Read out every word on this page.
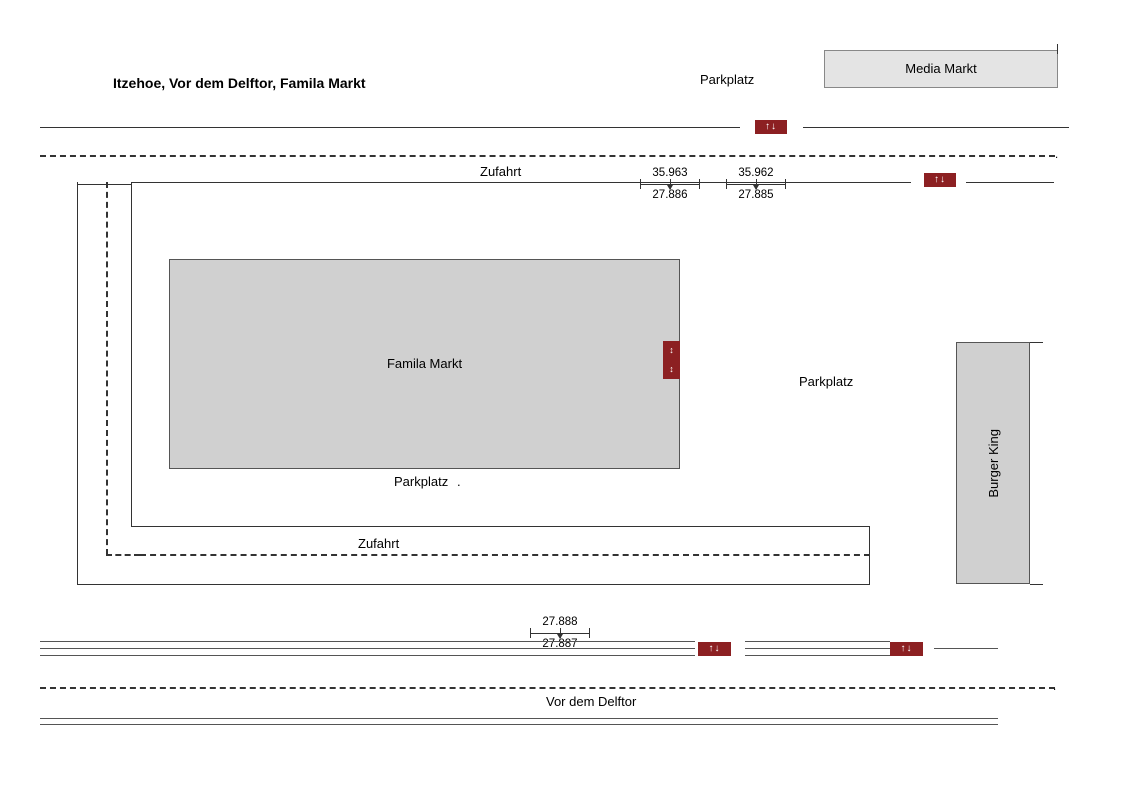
Itzehoe, Vor dem Delftor, Famila Markt
Media Markt
.
↑↓
Parkplatz
Zufahrt
↑↓
35.963
27.886
35.962
27.885
Famila Markt
↕
↕
Parkplatz
Parkplatz .
Zufahrt
Burger King
27.888
27.887	↑↓	↑↓
.
Vor dem Delftor
